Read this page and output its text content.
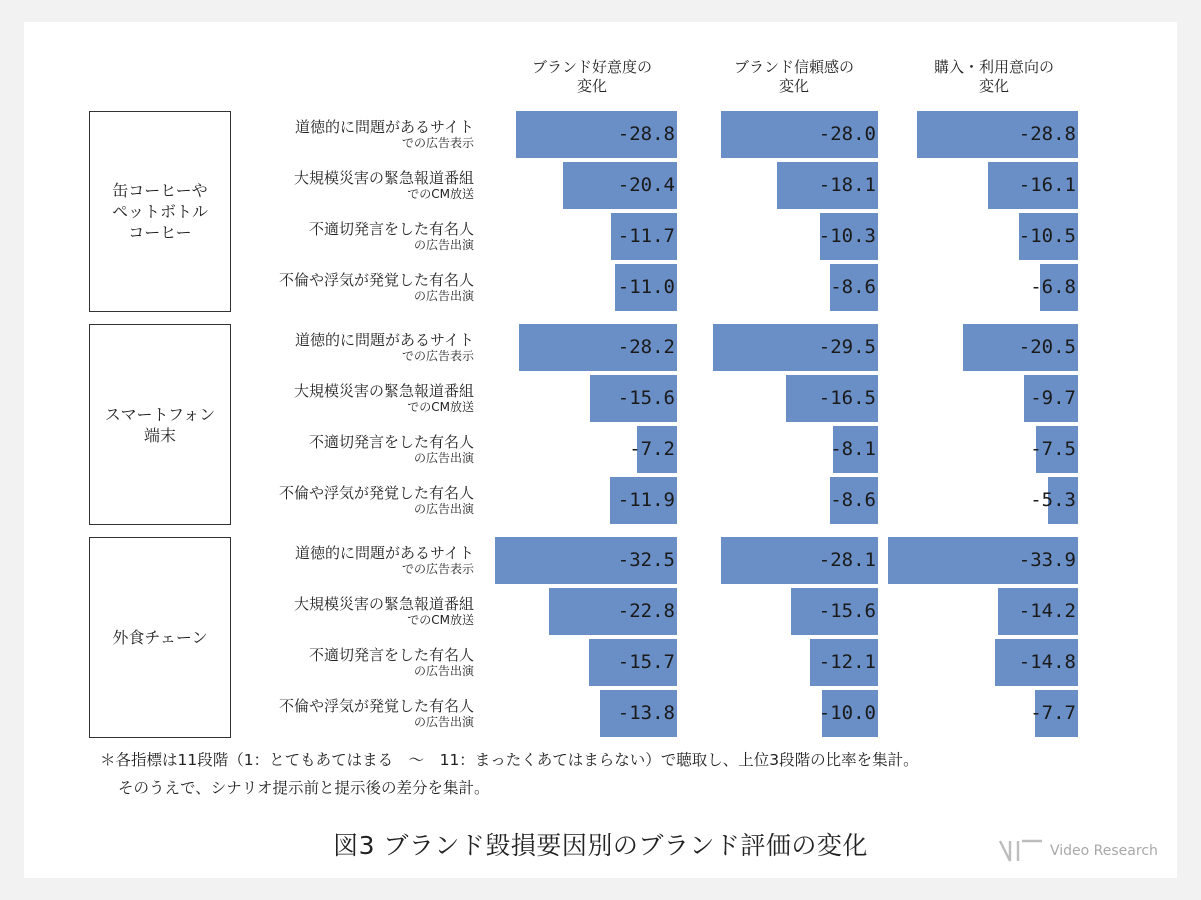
ブランド好意度の
変化
ブランド信頼感の
変化
購入・利用意向の
変化
缶コーヒーや
ペットボトル
コーヒー
道徳的に問題があるサイト
での広告表示	-28.8	-28.0	-28.8
大規模災害の緊急報道番組
でのCM放送	-20.4	-18.1	-16.1
不適切発言をした有名人
の広告出演	-11.7	-10.3	-10.5
不倫や浮気が発覚した有名人
の広告出演	-11.0	-8.6	-6.8
スマートフォン
端末
道徳的に問題があるサイト
での広告表示	-28.2	-29.5	-20.5
大規模災害の緊急報道番組
でのCM放送	-15.6	-16.5	-9.7
不適切発言をした有名人
の広告出演	-7.2	-8.1	-7.5
不倫や浮気が発覚した有名人
の広告出演	-11.9	-8.6	-5.3
外食チェーン
道徳的に問題があるサイト
での広告表示	-32.5	-28.1	-33.9
大規模災害の緊急報道番組
でのCM放送	-22.8	-15.6	-14.2
不適切発言をした有名人
の広告出演	-15.7	-12.1	-14.8
不倫や浮気が発覚した有名人
の広告出演	-13.8	-10.0	-7.7
＊各指標は11段階（1：とてもあてはまる　～　11：まったくあてはまらない）で聴取し、上位3段階の比率を集計。
そのうえで、シナリオ提示前と提示後の差分を集計。
図3 ブランド毀損要因別のブランド評価の変化	Video Research
